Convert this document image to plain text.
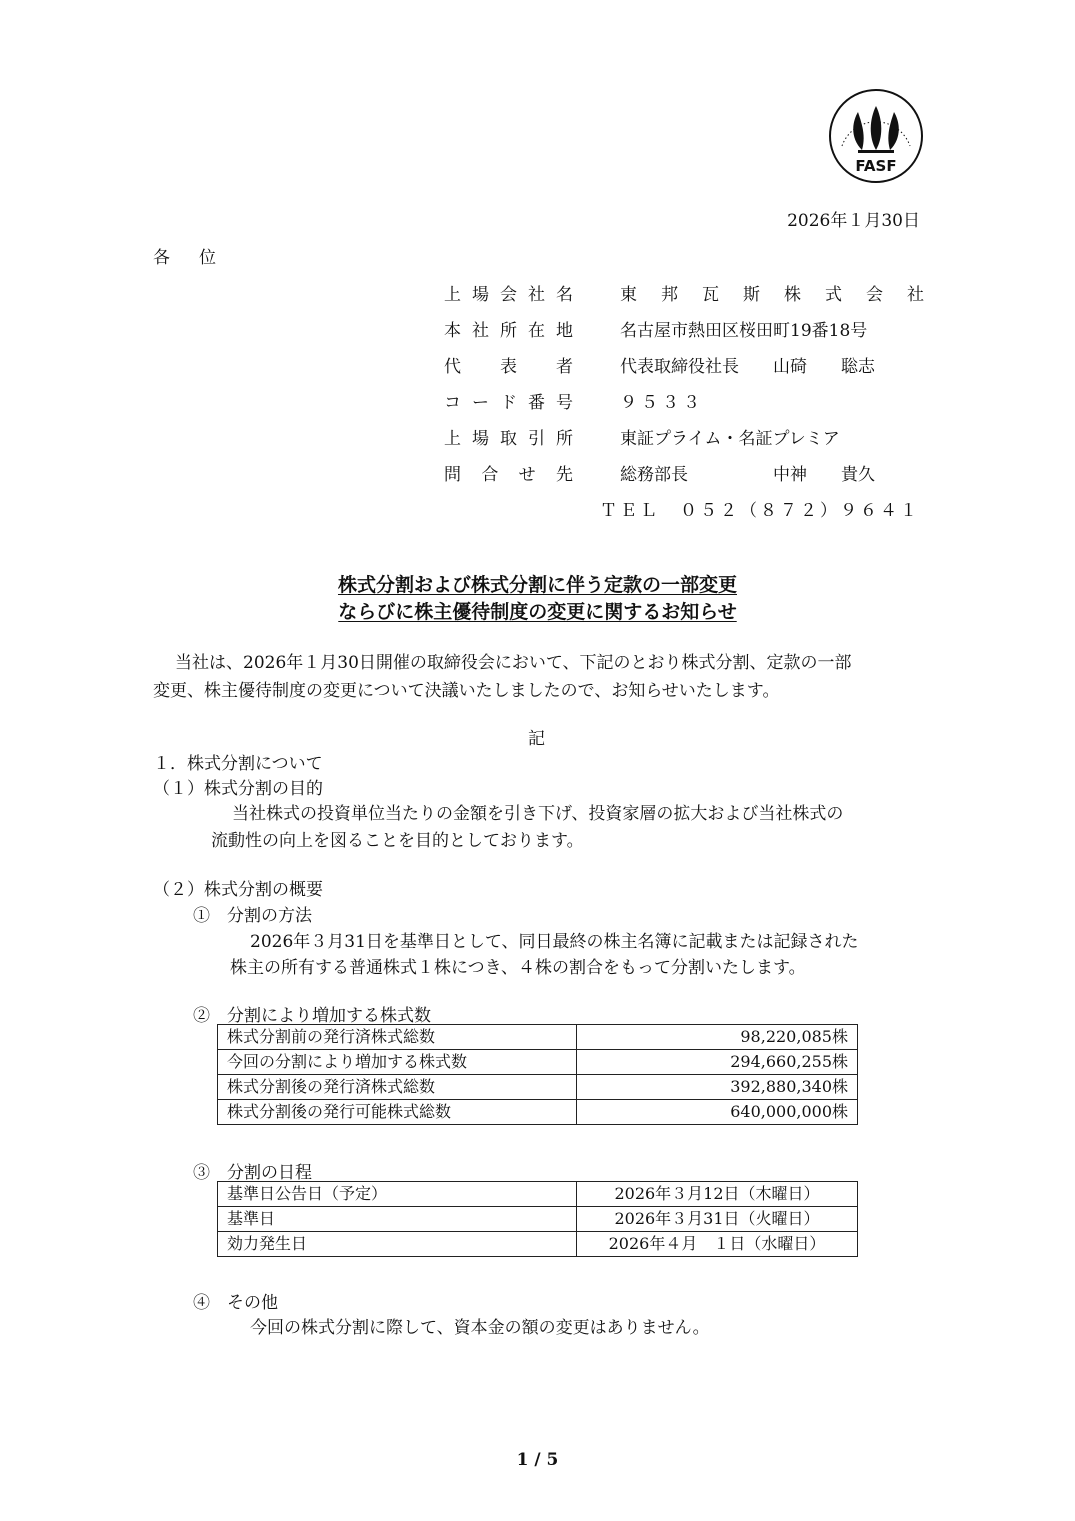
FASF
2026年１月30日
各　位
上場会社名 東邦瓦斯株式会社
本社所在地 名古屋市熱田区桜田町19番18号
代表者 代表取締役社長　　山碕　　聡志
コード番号 ９５３３
上場取引所 東証プライム・名証プレミア
問合せ先 総務部長　　　　　中神　　貴久
ＴＥＬ　０５２（８７２）９６４１
株式分割および株式分割に伴う定款の一部変更
ならびに株主優待制度の変更に関するお知らせ
当社は、2026年１月30日開催の取締役会において、下記のとおり株式分割、定款の一部
変更、株主優待制度の変更について決議いたしましたので、お知らせいたします。
記
１．株式分割について
（１）株式分割の目的
当社株式の投資単位当たりの金額を引き下げ、投資家層の拡大および当社株式の
流動性の向上を図ることを目的としております。
（２）株式分割の概要
①　分割の方法
2026年３月31日を基準日として、同日最終の株主名簿に記載または記録された
株主の所有する普通株式１株につき、４株の割合をもって分割いたします。
②　分割により増加する株式数
株式分割前の発行済株式総数	98,220,085株
今回の分割により増加する株式数	294,660,255株
株式分割後の発行済株式総数	392,880,340株
株式分割後の発行可能株式総数	640,000,000株
③　分割の日程
基準日公告日（予定）	2026年３月12日（木曜日）
基準日	2026年３月31日（火曜日）
効力発生日	2026年４月　１日（水曜日）
④　その他
今回の株式分割に際して、資本金の額の変更はありません。
1 / 5
